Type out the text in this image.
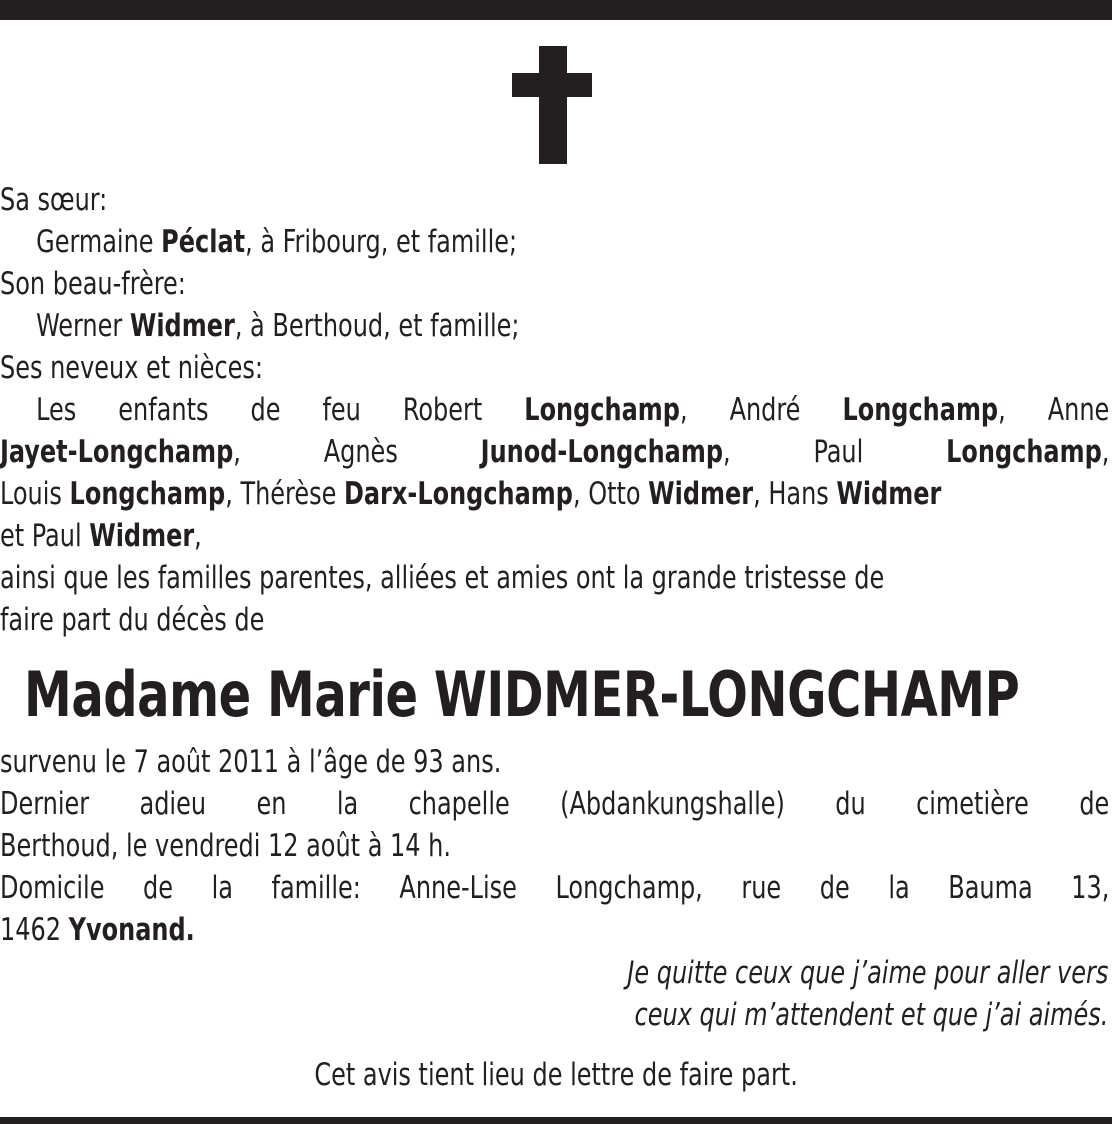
Sa sœur:
Germaine Péclat, à Fribourg, et famille;
Son beau-frère:
Werner Widmer, à Berthoud, et famille;
Ses neveux et nièces:
Les enfants de feu Robert Longchamp, André Longchamp, Anne
Jayet-Longchamp,	Agnès	Junod-Longchamp,	Paul	Longchamp,
Louis Longchamp, Thérèse Darx-Longchamp, Otto Widmer, Hans Widmer
et Paul Widmer,
ainsi que les familles parentes, alliées et amies ont la grande tristesse de
faire part du décès de
Madame Marie WIDMER-LONGCHAMP
survenu le 7 août 2011 à l’âge de 93 ans.
Dernier adieu en la chapelle (Abdankungshalle) du cimetière de
Berthoud, le vendredi 12 août à 14 h.
Domicile de la famille: Anne-Lise Longchamp, rue de la Bauma 13,
1462 Yvonand.
Je quitte ceux que j’aime pour aller vers
ceux qui m’attendent et que j’ai aimés.
Cet avis tient lieu de lettre de faire part.
